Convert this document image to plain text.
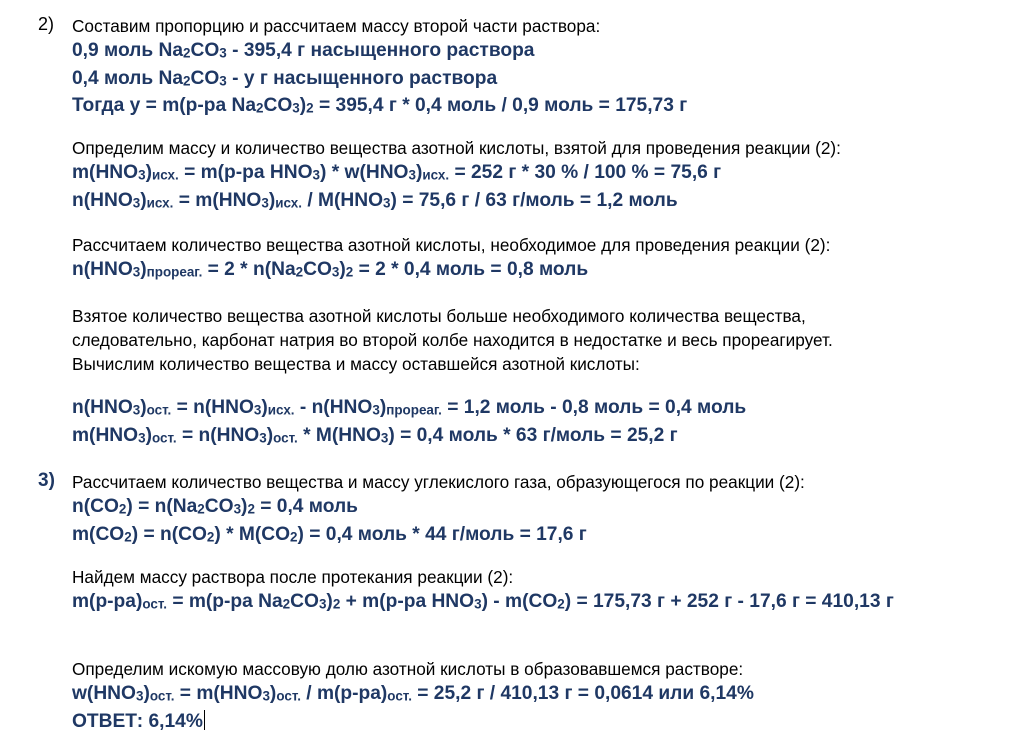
2) Составим пропорцию и рассчитаем массу второй части раствора:
0,9 моль Na2CO3 - 395,4 г насыщенного раствора
0,4 моль Na2CO3 - у г насыщенного раствора
Тогда у = m(р-ра Na2CO3)2 = 395,4 г * 0,4 моль / 0,9 моль = 175,73 г
Определим массу и количество вещества азотной кислоты, взятой для проведения реакции (2):
m(HNO3)исх. = m(р-ра HNO3) * w(HNO3)исх. = 252 г * 30 % / 100 % = 75,6 г
n(HNO3)исх. = m(HNO3)исх. / M(HNO3) = 75,6 г / 63 г/моль = 1,2 моль
Рассчитаем количество вещества азотной кислоты, необходимое для проведения реакции (2):
n(HNO3)прореаг. = 2 * n(Na2CO3)2 = 2 * 0,4 моль = 0,8 моль
Взятое количество вещества азотной кислоты больше необходимого количества вещества,
следовательно, карбонат натрия во второй колбе находится в недостатке и весь прореагирует.
Вычислим количество вещества и массу оставшейся азотной кислоты:
n(HNO3)ост. = n(HNO3)исх. - n(HNO3)прореаг. = 1,2 моль - 0,8 моль = 0,4 моль
m(HNO3)ост. = n(HNO3)ост. * M(HNO3) = 0,4 моль * 63 г/моль = 25,2 г
3) Рассчитаем количество вещества и массу углекислого газа, образующегося по реакции (2):
n(CO2) = n(Na2CO3)2 = 0,4 моль
m(CO2) = n(CO2) * M(CO2) = 0,4 моль * 44 г/моль = 17,6 г
Найдем массу раствора после протекания реакции (2):
m(р-ра)ост. = m(р-ра Na2CO3)2 + m(р-ра HNO3) - m(CO2) = 175,73 г + 252 г - 17,6 г = 410,13 г
Определим искомую массовую долю азотной кислоты в образовавшемся растворе:
w(HNO3)ост. = m(HNO3)ост. / m(р-ра)ост. = 25,2 г / 410,13 г = 0,0614 или 6,14%
ОТВЕТ: 6,14%
